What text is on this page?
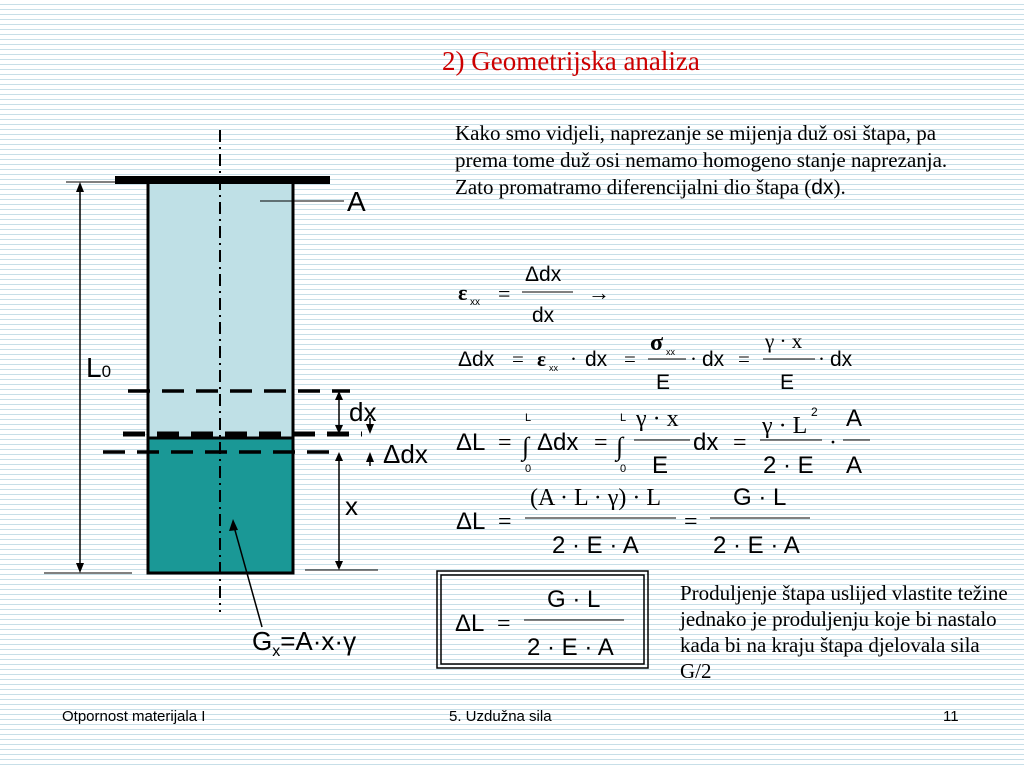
2) Geometrijska analiza
Kako smo vidjeli, naprezanje se mijenja duž osi štapa, pa prema tome duž osi nemamo homogeno stanje naprezanja. Zato promatramo diferencijalni dio štapa (dx).
Produljenje štapa uslijed vlastite težine jednako je produljenju koje bi nastalo kada bi na kraju štapa djelovala sila G/2
A
L0
dx
Δdx
x
$G_x=A\cdot x\cdot\gamma$
ε xx =
Δdx
dx
→
Δdx = ε xx · dx =
σ xx
E
· dx =
γ · x
E
· dx
ΔL =
L
∫
0
Δdx =
L
∫
0
γ · x
E
dx =
γ · L
2
2 · E
·
A
A
ΔL =
(A · L · γ) · L
2 · E · A
=
G · L
2 · E · A
ΔL =
G · L
2 · E · A
Otpornost materijala I	5. Uzdužna sila	11
